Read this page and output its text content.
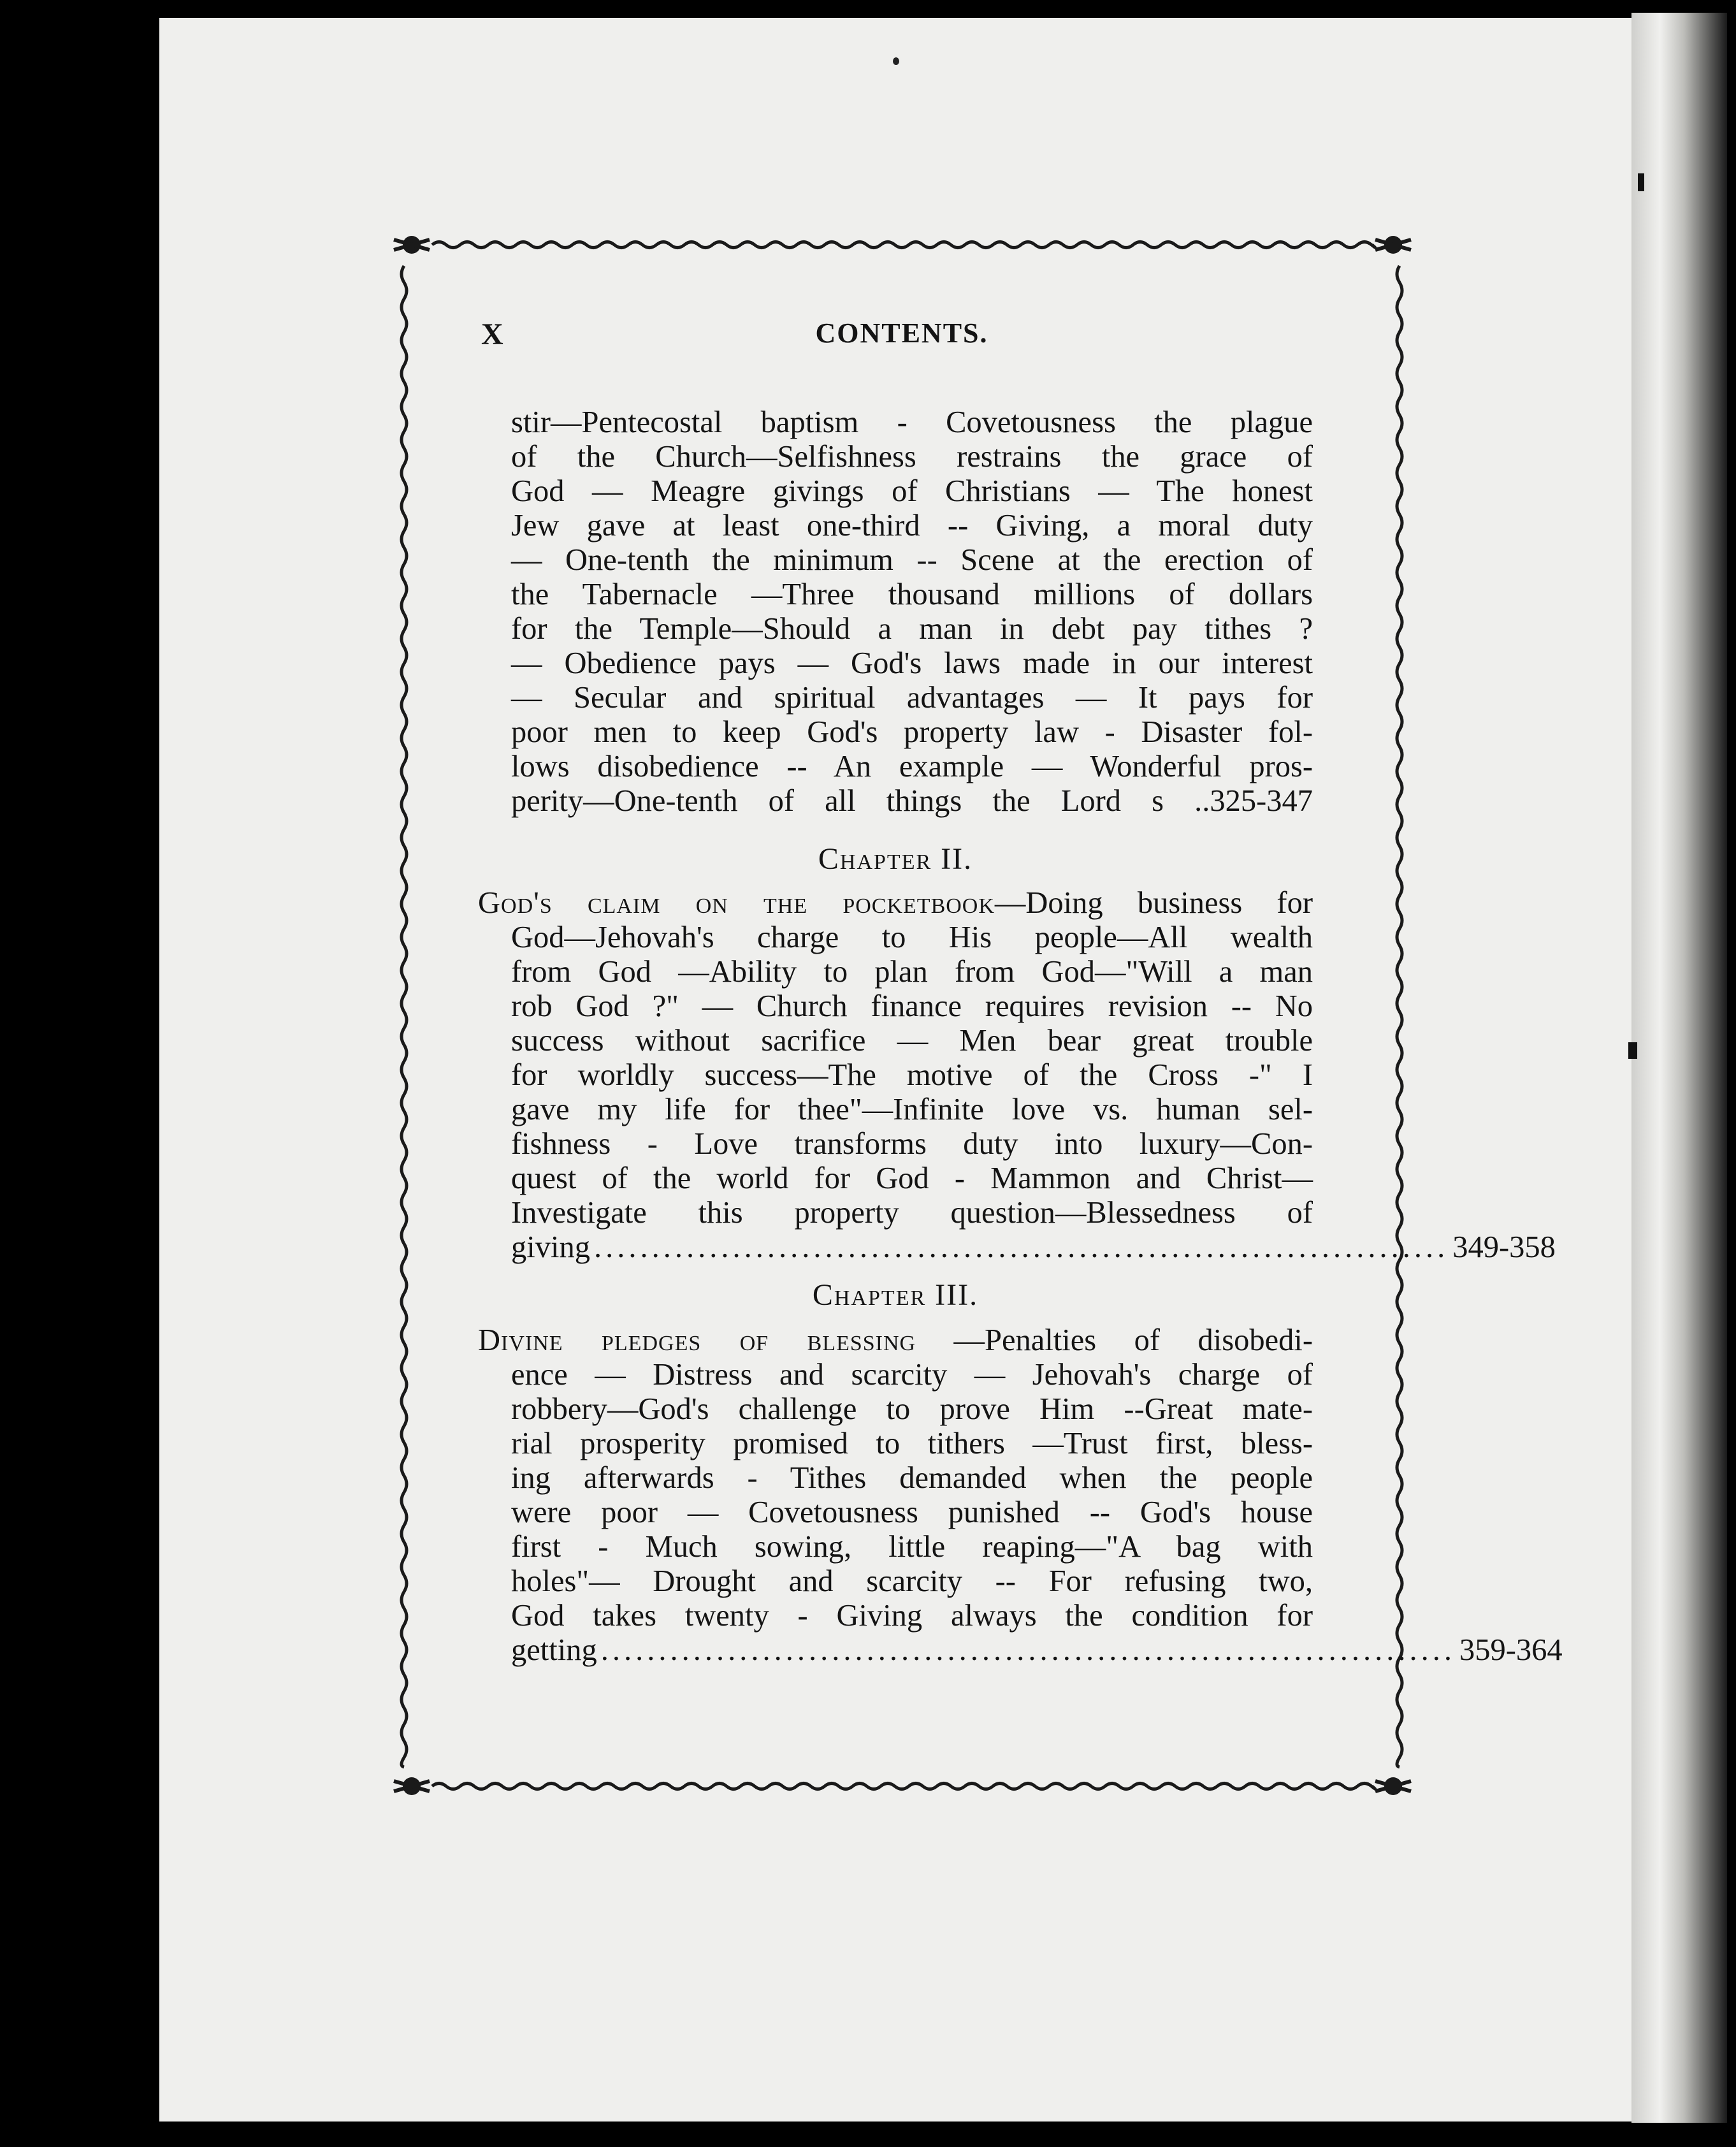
X	CONTENTS.
stir—Pentecostal baptism - Covetousness the plague
of the Church—Selfishness restrains the grace of
God — Meagre givings of Christians — The honest
Jew gave at least one-third -- Giving, a moral duty
— One-tenth the minimum -- Scene at the erection of
the Tabernacle —Three thousand millions of dollars
for the Temple—Should a man in debt pay tithes ?
— Obedience pays — God's laws made in our interest
— Secular and spiritual advantages — It pays for
poor men to keep God's property law - Disaster fol-
lows disobedience -- An example — Wonderful pros-
perity—One-tenth of all things the Lord s ..325-347
Chapter II.
God's claim on the pocketbook—Doing business for
God—Jehovah's charge to His people—All wealth
from God —Ability to plan from God—"Will a man
rob God ?" — Church finance requires revision -- No
success without sacrifice — Men bear great trouble
for worldly success—The motive of the Cross -" I
gave my life for thee"—Infinite love vs. human sel-
fishness - Love transforms duty into luxury—Con-
quest of the world for God - Mammon and Christ—
Investigate this property question—Blessedness of
giving .......................................................................... 349-358
Chapter III.
Divine pledges of blessing —Penalties of disobedi-
ence — Distress and scarcity — Jehovah's charge of
robbery—God's challenge to prove Him --Great mate-
rial prosperity promised to tithers —Trust first, bless-
ing afterwards - Tithes demanded when the people
were poor — Covetousness punished -- God's house
first - Much sowing, little reaping—"A bag with
holes"— Drought and scarcity -- For refusing two,
God takes twenty - Giving always the condition for
getting .......................................................................... 359-364
